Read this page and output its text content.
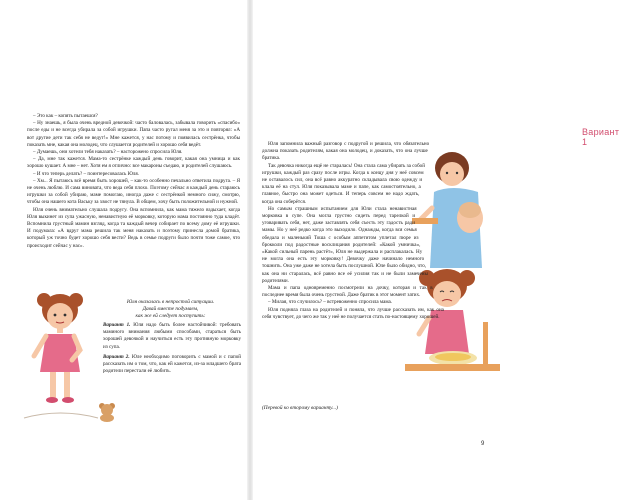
– Это как – копять пытаешся?

– Ну знаешь, я была очень вредной девочкой: часто баловалась, забывала говорить «спасибо» после еды и не всегда убирала за собой игрушки. Папа часто ругал меня за это и повторял: «А вот другие дети так себя не ведут!» Мне кажется, у нас потому и появилась сестрёнка, чтобы показать мне, какая она молодец, что слушается родителей и хорошо себя ведёт.

– Думаешь, они хотели тебя наказать? – насторожено спросила Юля.

– Да, мне так кажется. Мама-то сестрёнке каждый день говорит, какая она умница и как хорошо кушает. А мне – нет. Хотя ем я отлично: все макароны съедаю, и родителей слушаюсь.

– И что теперь делать? – поинтересовалась Юля.

– Хм... Я пытаюсь всё время быть хорошей, – как-то особенно печально ответила подруга. – Я не очень люблю. И сама виновата, что веда себя плохо. Поэтому сейчас я каждый день стараюсь игрушки за собой убираю, маме помогаю, иногда даже с сестрёнкой немного сижу, смотрю, чтобы она нашего кота Ваську за хвост не тянула. В общем, хочу быть положительной и нужной.

Юля очень внимательно слушала подругу. Она вспомнила, как мама тяжело вздыхает, когда Юля выкинет из супа ужасную, ненавистную её морковку, которую мама постоянно туда кладёт. Вспомнила грустный мамин взгляд, когда та каждый вечер собирает по всему дому её игрушки. И подумала: «А вдруг мама решила так меня наказать и поэтому принесла домой братика, который уж точно будет хорошо себя вести? Ведь в семье подруги было почти тоже самое, что происходит сейчас у нас».

Юля оказалась в непростой ситуации.
Давай вместе подумаем,
как же ей следует поступить:

Вариант 1. Юля надо быть более настойчивой: требовать маминого внимания любыми способами, стараться быть хорошей девочкой и научиться есть эту противную морковку из супа.

Вариант 2. Юле необходимо поговорить с мамой и с папой рассказать им о том, что, как ей кажется, из-за младшего брата родители перестали её любить.

Вариант 1

Юля запомнила важный разговор с подругой и решила, что обязательно должна показать родителям, какая она молодец, и доказать, что она лучше братика.

Так девочка никогда ещё не старалась! Она стала сама убирать за собой игрушки, каждый раз сразу после игры. Когда к концу дня у неё совсем не оставалось сил, она всё равно аккуратно складывала свою одежду и клала её на стул. Юля показывала маме и папе, как самостоятельно, а главное, быстро она может одеться. И теперь совсем не надо ждать, когда она соберётся.

Но самым страшным испытанием для Юли стала ненавистная морковка в супе. Она могла грустно сидеть перед тарелкой и уговаривать себя, нет, даже заставлять себя съесть эту гадость ради мамы. Но у неё редко когда это выходило. Однажды, когда вся семья обедала и маленький Тоша с особым аппетитом уплетал пюре из брокколи под радостные восклицания родителей: «Какой умничка», «Какой сильный парень растёт», Юля не выдержала и расплакалась. Ну не могла она есть эту морковку! Девочку даже начинало немного тошнить. Она уже даже не хотела быть послушной. Юле было обидно, что, как она ни старалась, всё равно все её усилия так и не были замечены родителями.

Мама и папа одновременно посмотрели на дочку, которая и так в последнее время была очень грустной. Даже братик в этот момент затих.

– Милая, что случилось? – встревоженно спросила мама.

Юля подняла глаза на родителей и поняла, что лучше рассказать им, как она себя чувствует, до чего же так у неё не получается стать по-настоящему хорошей.

(Перевой ко второму варианту...)
9
